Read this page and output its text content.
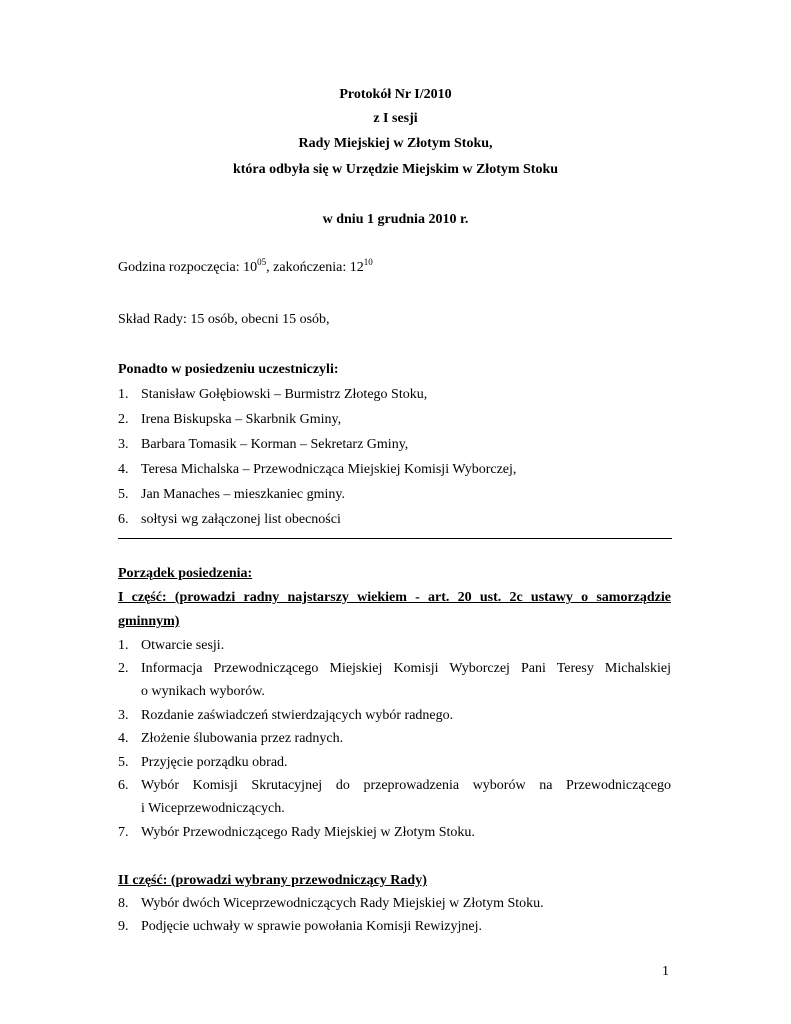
Protokół Nr I/2010
z I sesji
Rady Miejskiej w Złotym Stoku,
która odbyła się w Urzędzie Miejskim w Złotym Stoku
w dniu 1 grudnia 2010 r.
Godzina rozpoczęcia: $10^{05}$, zakończenia: $12^{10}$
Skład Rady: 15 osób, obecni 15 osób,
Ponadto w posiedzeniu uczestniczyli:
1. Stanisław Gołębiowski – Burmistrz Złotego Stoku,
2. Irena Biskupska – Skarbnik Gminy,
3. Barbara Tomasik – Korman – Sekretarz Gminy,
4. Teresa Michalska – Przewodnicząca Miejskiej Komisji Wyborczej,
5. Jan Manaches – mieszkaniec gminy.
6. sołtysi wg załączonej list obecności
Porządek posiedzenia:
I część: (prowadzi radny najstarszy wiekiem - art. 20 ust. 2c ustawy o samorządzie
gminnym)
1. Otwarcie sesji.
2. Informacja Przewodniczącego Miejskiej Komisji Wyborczej Pani Teresy Michalskiej
o wynikach wyborów.
3. Rozdanie zaświadczeń stwierdzających wybór radnego.
4. Złożenie ślubowania przez radnych.
5. Przyjęcie porządku obrad.
6. Wybór Komisji Skrutacyjnej do przeprowadzenia wyborów na Przewodniczącego
i Wiceprzewodniczących.
7. Wybór Przewodniczącego Rady Miejskiej w Złotym Stoku.
II część: (prowadzi wybrany przewodniczący Rady)
8. Wybór dwóch Wiceprzewodniczących Rady Miejskiej w Złotym Stoku.
9. Podjęcie uchwały w sprawie powołania Komisji Rewizyjnej.
1
